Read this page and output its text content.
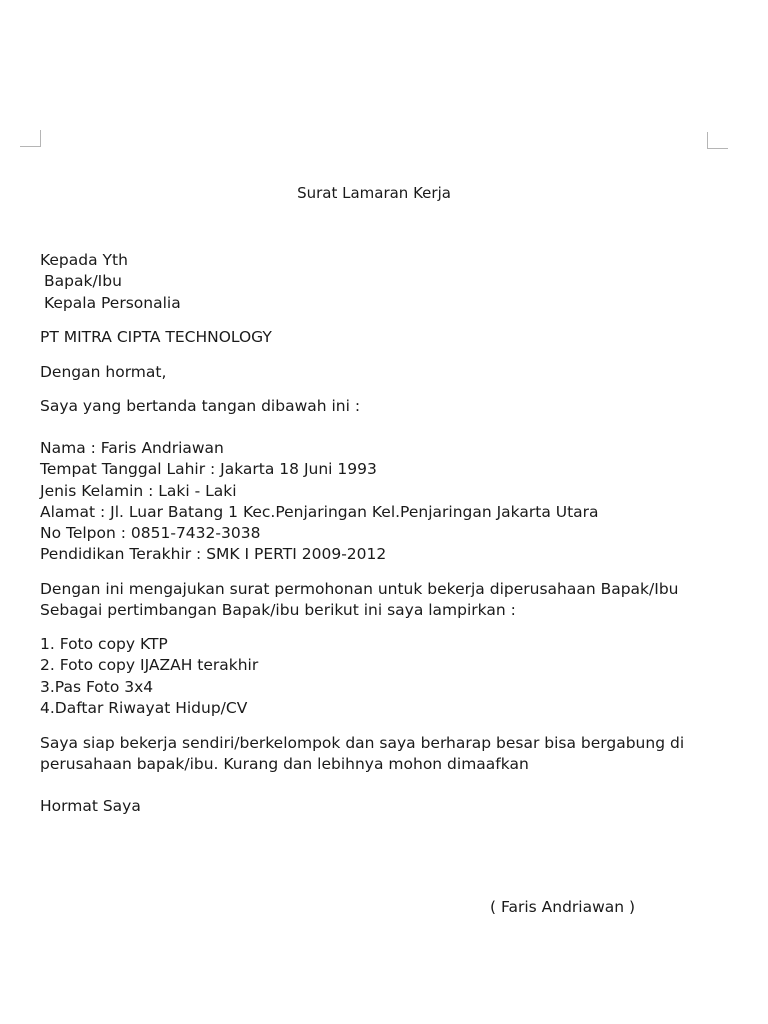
Surat Lamaran Kerja
Kepada Yth
Bapak/Ibu
Kepala Personalia
PT MITRA CIPTA TECHNOLOGY
Dengan hormat,
Saya yang bertanda tangan dibawah ini :
Nama : Faris Andriawan
Tempat Tanggal Lahir : Jakarta 18 Juni 1993
Jenis Kelamin : Laki - Laki
Alamat : Jl. Luar Batang 1 Kec.Penjaringan Kel.Penjaringan Jakarta Utara
No Telpon : 0851-7432-3038
Pendidikan Terakhir : SMK I PERTI 2009-2012
Dengan ini mengajukan surat permohonan untuk bekerja diperusahaan Bapak/Ibu
Sebagai pertimbangan Bapak/ibu berikut ini saya lampirkan :
1. Foto copy KTP
2. Foto copy IJAZAH terakhir
3.Pas Foto 3x4
4.Daftar Riwayat Hidup/CV
Saya siap bekerja sendiri/berkelompok dan saya berharap besar bisa bergabung di
perusahaan bapak/ibu. Kurang dan lebihnya mohon dimaafkan
Hormat Saya
( Faris Andriawan )
